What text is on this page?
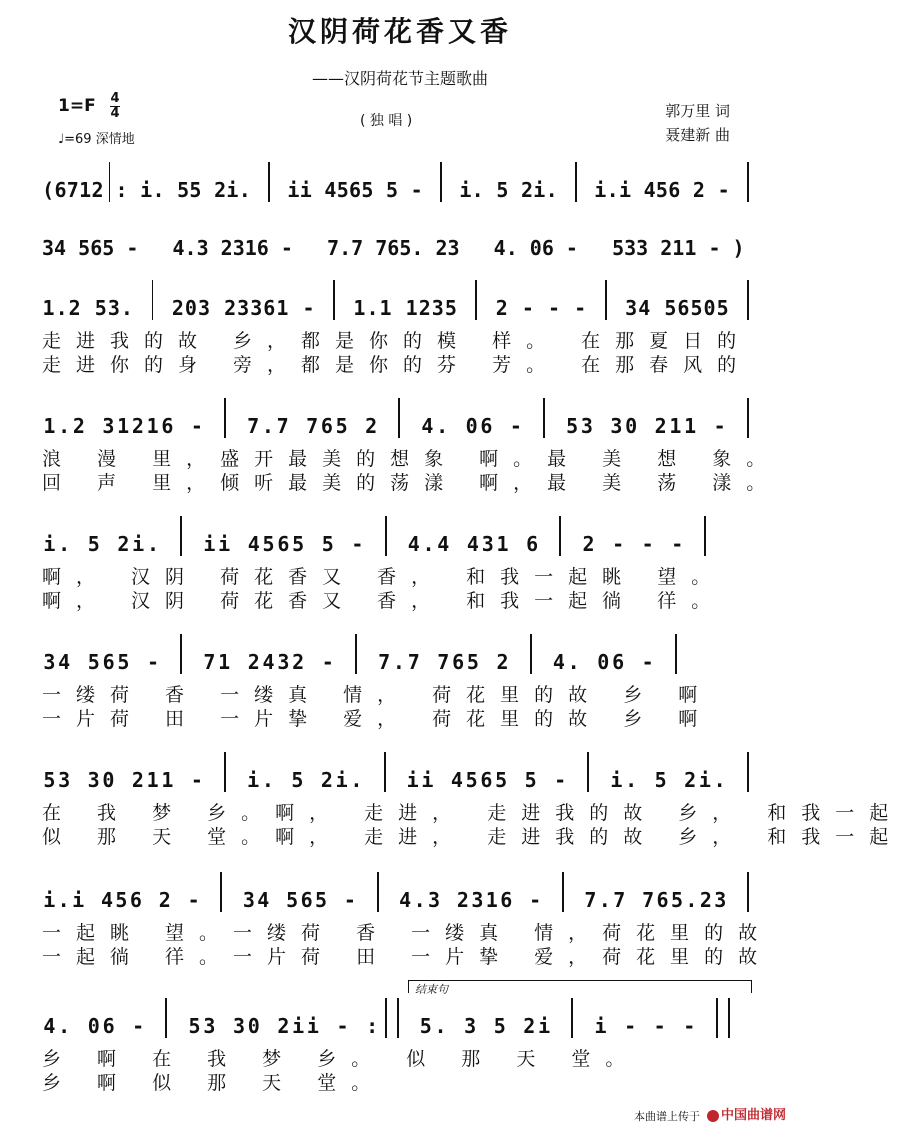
汉阴荷花香又香
——汉阴荷花节主题歌曲
1=F 4
4
♩=69 深情地
( 独 唱 )
郭万里 词
聂建新 曲
( 6 7 1 2 :
i .
5 5
2 i .

i i
4 5 6 5
5
-

i .
5
2 i .

i . i
4 5 6
2
-

3 4
5 6 5
-

4 . 3
2 3 1 6
-

7 . 7
7 6 5 .
2 3

4 .
0 6
-

5 3 3
2 1 1
-
)
1 . 2
5 3 .

2 0 3
2 3 3 6 1
-

1 . 1
1 2 3 5

2
-
-
-

3 4
5 6 5 0 5

1 . 2
3 1 2 1 6
-

7 . 7
7 6 5
2

4 .
0 6
-

5 3
3 0
2 1 1
-

i .
5
2 i .

i i
4 5 6 5
5
-

4 . 4
4 3 1
6

2
-
-
-

3 4
5 6 5
-

7 1
2 4 3 2
-

7 . 7
7 6 5
2

4 .
0 6
-

5 3
3 0
2 1 1
-

i .
5
2 i .

i i
4 5 6 5
5
-

i .
5
2 i .

i . i
4 5 6
2
-

3 4
5 6 5
-

4 . 3
2 3 1 6
-

7 . 7
7 6 5 . 2 3

4 .
0 6
-

5 3
3 0
2 i i
-
:
5 .
3
5
2 i

i
-
-
-

走进我的故 乡，都是你的模 样。 在那夏日的
走进你的身 旁，都是你的芬 芳。 在那春风的
浪 漫 里，盛开最美的想象 啊。最 美 想 象。
回 声 里，倾听最美的荡漾 啊，最 美 荡 漾。
啊， 汉阴 荷花香又 香， 和我一起眺 望。
啊， 汉阴 荷花香又 香， 和我一起徜 徉。
一缕荷 香 一缕真 情， 荷花里的故 乡 啊
一片荷 田 一片挚 爱， 荷花里的故 乡 啊
在 我 梦 乡。啊， 走进， 走进我的故 乡， 和我一起
似 那 天 堂。啊， 走进， 走进我的故 乡， 和我一起
一起眺 望。一缕荷 香 一缕真 情，荷花里的故
一起徜 徉。一片荷 田 一片挚 爱，荷花里的故
乡 啊 在 我 梦 乡。 似 那 天 堂。
乡 啊 似 那 天 堂。
结束句
本曲谱上传于	中国曲谱网
